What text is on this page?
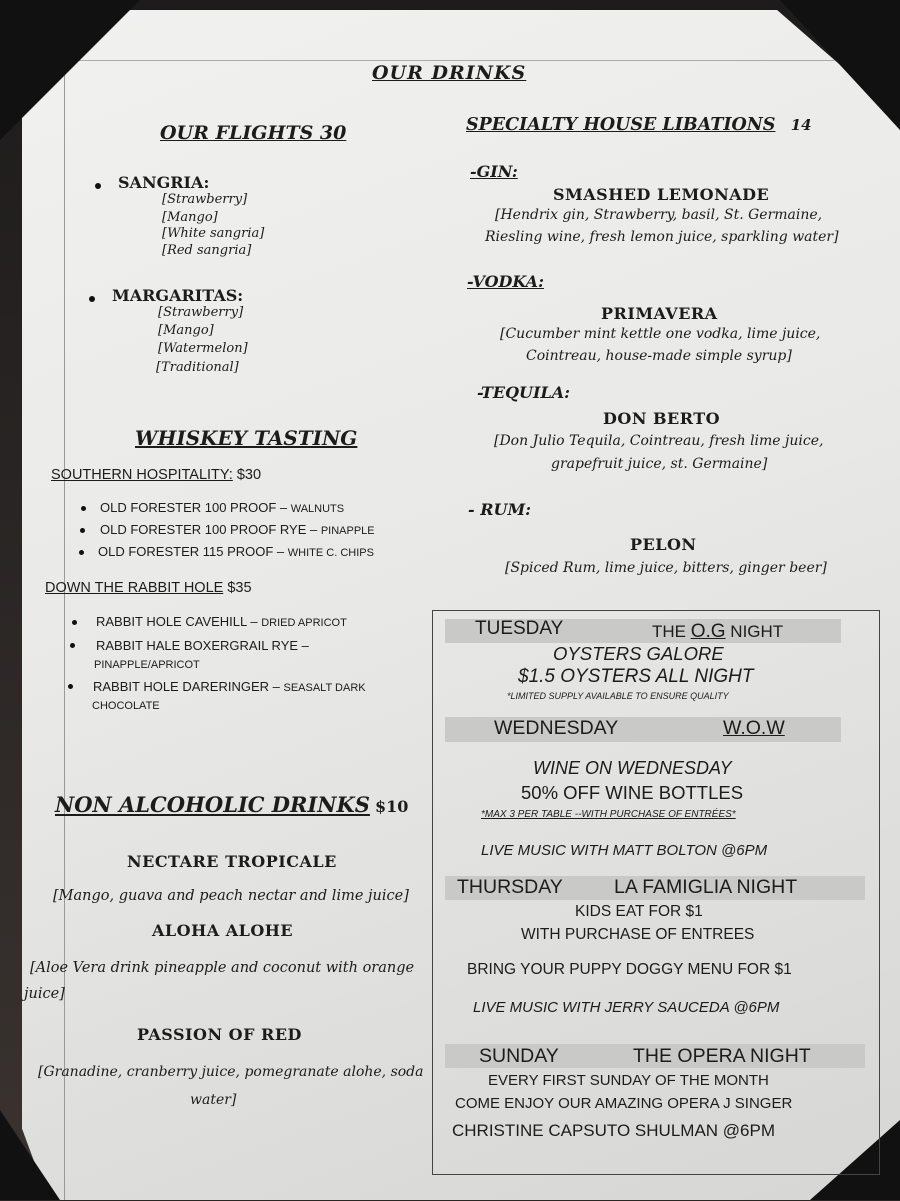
OUR DRINKS
OUR FLIGHTS 30
SANGRIA:
[Strawberry]
[Mango]
[White sangria]
[Red sangria]
MARGARITAS:
[Strawberry]
[Mango]
[Watermelon]
[Traditional]
WHISKEY TASTING
SOUTHERN HOSPITALITY: $30
OLD FORESTER 100 PROOF – WALNUTS
OLD FORESTER 100 PROOF RYE – PINAPPLE
OLD FORESTER 115 PROOF – WHITE C. CHIPS
DOWN THE RABBIT HOLE $35
RABBIT HOLE CAVEHILL – DRIED APRICOT
RABBIT HALE BOXERGRAIL RYE –
PINAPPLE/APRICOT
RABBIT HOLE DARERINGER – SEASALT DARK
CHOCOLATE
NON ALCOHOLIC DRINKS $10
NECTARE TROPICALE
[Mango, guava and peach nectar and lime juice]
ALOHA ALOHE
[Aloe Vera drink pineapple and coconut with orange
juice]
PASSION OF RED
[Granadine, cranberry juice, pomegranate alohe, soda
water]
SPECIALTY HOUSE LIBATIONS 14
-GIN:
SMASHED LEMONADE
[Hendrix gin, Strawberry, basil, St. Germaine,
Riesling wine, fresh lemon juice, sparkling water]
-VODKA:
PRIMAVERA
[Cucumber mint kettle one vodka, lime juice,
Cointreau, house-made simple syrup]
-TEQUILA:
DON BERTO
[Don Julio Tequila, Cointreau, fresh lime juice,
grapefruit juice, st. Germaine]
- RUM:
PELON
[Spiced Rum, lime juice, bitters, ginger beer]
TUESDAY	THE O.G NIGHT
OYSTERS GALORE
$1.5 OYSTERS ALL NIGHT
*LIMITED SUPPLY AVAILABLE TO ENSURE QUALITY
WEDNESDAY	W.O.W
WINE ON WEDNESDAY
50% OFF WINE BOTTLES
*MAX 3 PER TABLE --WITH PURCHASE OF ENTRÉES*
LIVE MUSIC WITH MATT BOLTON @6PM
THURSDAY	LA FAMIGLIA NIGHT
KIDS EAT FOR $1
WITH PURCHASE OF ENTREES
BRING YOUR PUPPY DOGGY MENU FOR $1
LIVE MUSIC WITH JERRY SAUCEDA @6PM
SUNDAY	THE OPERA NIGHT
EVERY FIRST SUNDAY OF THE MONTH
COME ENJOY OUR AMAZING OPERA J SINGER
CHRISTINE CAPSUTO SHULMAN @6PM
